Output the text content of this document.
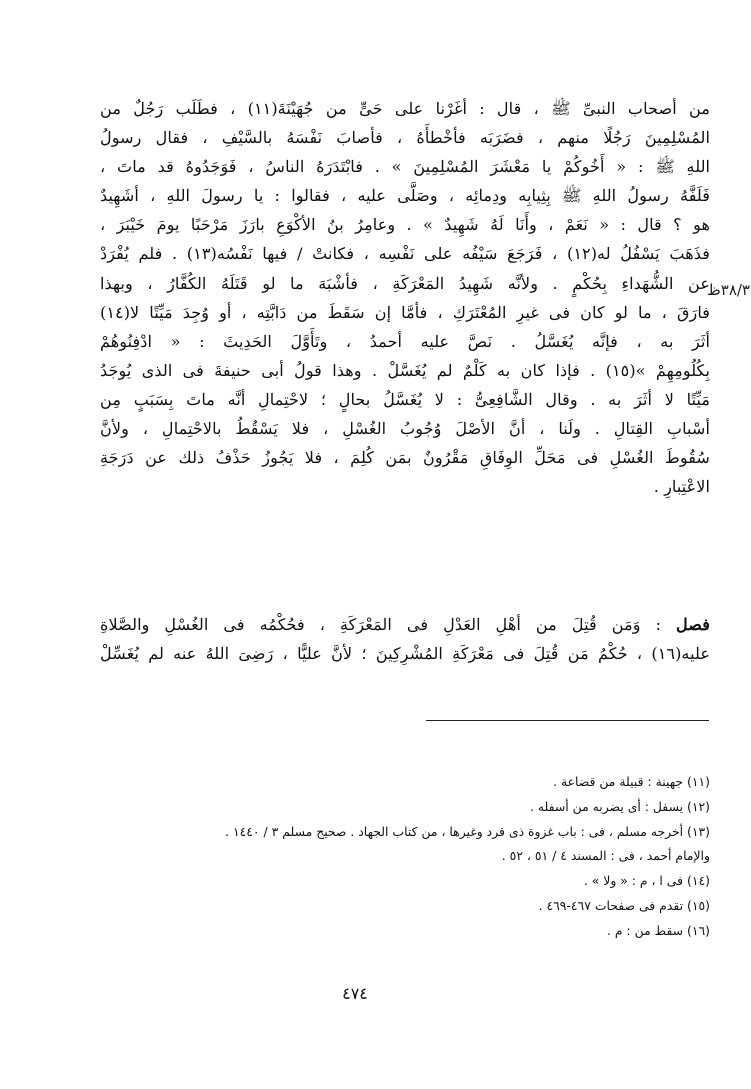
٣٨/٣ظ
من أصحاب النبىِّ ﷺ ، قال : أغَرْنا على حَىٍّ من جُهَيْنَةَ(١١) ، فطَلَب رَجُلٌ من
المُسْلِمِينَ رَجُلًا منهم ، فضَرَبَه فأخْطأَهُ ، فأصابَ نَفْسَهُ بالسَّيْفِ ، فقال رسولُ
اللهِ ﷺ : « أَخُوكُمْ يا مَعْشَرَ المُسْلِمِينَ » . فابْتَدَرَهُ الناسُ ، فَوَجَدُوهُ قد ماتَ ،
فَلَفَّهُ رسولُ اللهِ ﷺ بِثِيابِه ودِمائِه ، وصَلَّى عليه ، فقالوا : يا رسولَ اللهِ ، أشَهِيدٌ
هو ؟ قال : « نَعَمْ ، وأَنَا لَهُ شَهِيدٌ » . وعامِرُ بنُ الأكْوَعِ بارَزَ مَرْحَبًا يومَ خَيْبَرَ ،
فذَهَبَ يَسْفُلُ له(١٢) ، فَرَجَعَ سَيْفُه على نَفْسِه ، فكانتْ / فيها نَفْسُه(١٣) . فلم يُفْرَدْ
عن الشُّهَداءِ بِحُكْمٍ . ولأنَّه شَهِيدُ المَعْرَكَةِ ، فأشْبَهَ ما لو قَتَلَهُ الكُفَّارُ ، وبهذا
فارَقَ ، ما لو كان فى غيرِ المُعْتَرَكِ ، فأمَّا إن سَقَطَ من دَابَّتِه ، أو وُجِدَ مَيِّتًا لا(١٤)
أثَرَ به ، فإنَّه يُغَسَّلُ . نَصَّ عليه أحمدُ ، وتَأَوَّلَ الحَدِيثَ : « ادْفِنُوهُمْ
بِكُلُومِهِمْ »(١٥) . فإذا كان به كَلْمٌ لم يُغَسَّلْ . وهذا قولُ أبى حنيفةَ فى الذى يُوجَدُ
مَيِّتًا لا أثَرَ به . وقال الشَّافِعِىُّ : لا يُغَسَّلُ بحالٍ ؛ لاحْتِمالِ أنَّه ماتَ بِسَبَبٍ مِن
أسْبابِ القِتالِ . ولَنا ، أنَّ الأصْلَ وُجُوبُ الغُسْلِ ، فلا يَسْقُطُ بالاحْتِمالِ ، ولأنَّ
سُقُوطَ الغُسْلِ فى مَحَلِّ الوِفَاقِ مَقْرُونٌ بمَن كُلِمَ ، فلا يَجُوزُ حَذْفُ ذلك عن دَرَجَةِ
الاعْتِبارِ .
فصل : وَمَن قُتِلَ من أهْلِ العَدْلِ فى المَعْرَكَةِ ، فحُكْمُه فى الغُسْلِ والصَّلاةِ
عليه(١٦) ، حُكْمُ مَن قُتِلَ فى مَعْرَكَةِ المُشْرِكِينَ ؛ لأنَّ عليًّا ، رَضِىَ اللهُ عنه لم يُغَسِّلْ
(١١) جهينة : قبيلة من قضاعة .
(١٢) يسفل : أى يضربه من أسفله .
(١٣) أخرجه مسلم ، فى : باب غزوة ذى قرد وغيرها ، من كتاب الجهاد . صحيح مسلم ٣ / ١٤٤٠ .
والإمام أحمد ، فى : المسند ٤ / ٥١ ، ٥٢ .
(١٤) فى ا ، م : « ولا » .
(١٥) تقدم فى صفحات ٤٦٧-٤٦٩ .
(١٦) سقط من : م .
٤٧٤
